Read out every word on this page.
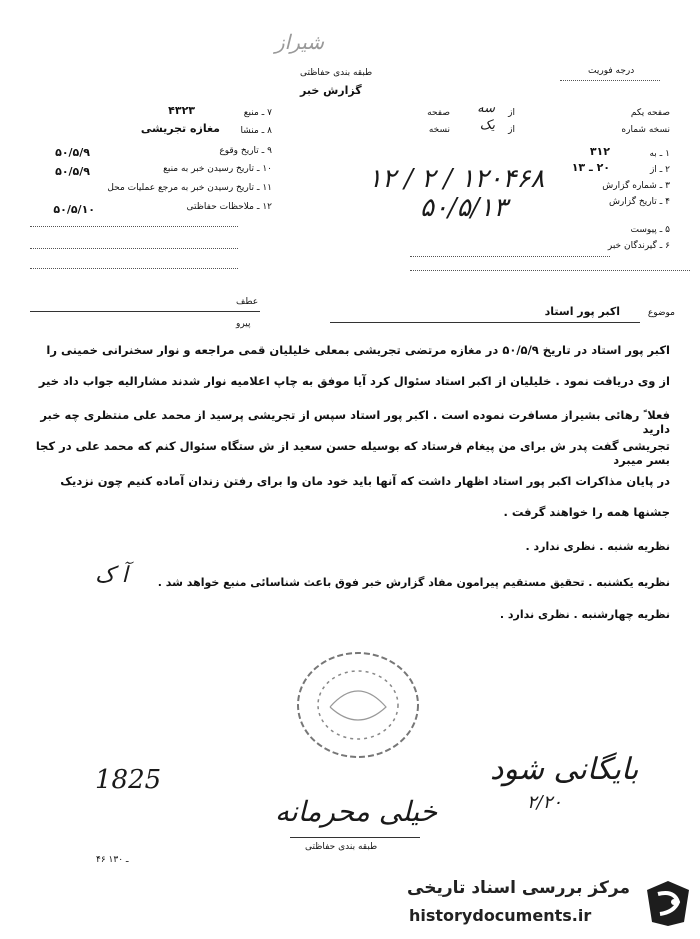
شیراز
طبقه بندی حفاظتی
گزارش خبر
درجه فوریت
صفحه یکم
از
صفحه سه
نسخه شماره
از
نسخه یک
۱ ـ به
۳۱۲
۲ ـ از
۲۰ ـ ۱۳
۳ ـ شماره گزارش
۴ ـ تاریخ گزارش
۵ ـ پیوست
۶ ـ گیرندگان خبر
۱۲۰۴۶۸ / ۲ / ۱۲
۵۰/۵/۱۳
۷ ـ منبع
۴۳۲۳
۸ ـ منشا
مغازه تجریشی
۹ ـ تاریخ وقوع
۵۰/۵/۹
۱۰ ـ تاریخ رسیدن خبر به منبع
۵۰/۵/۹
۱۱ ـ تاریخ رسیدن خبر به مرجع عملیات محل
۱۲ ـ ملاحظات حفاظتی
۵۰/۵/۱۰
عطف
پیرو
موضوع
اکبر پور استاد
اکبر پور استاد در تاریخ ۵۰/۵/۹ در مغازه مرتضی تجریشی بمعلی خلیلیان قمی مراجعه و نوار سخنرانی خمینی را
از وی دریافت نمود . خلیلیان از اکبر استاد سئوال کرد آیا موفق به چاپ اعلامیه نوار شدند مشارالیه جواب داد خیر
فعلا ً رهائی بشیراز مسافرت نموده است . اکبر پور استاد سپس از تجریشی پرسید از محمد علی منتظری چه خبر دارید
تجریشی گفت پدر ش برای من پیغام فرستاد که بوسیله حسن سعید از ش ستگاه سئوال کنم که محمد علی در کجا بسر میبرد
در پایان مذاکرات اکبر پور استاد اظهار داشت که آنها باید خود مان وا برای رفتن زندان آماده کنیم چون نزدیک
جشنها همه را خواهند گرفت .
نظریه شنبه . نظرى ندارد .
نظریه یکشنبه . تحقیق مستقیم پیرامون مفاد گزارش خبر فوق باعث شناسائی منبع خواهد شد .
آ ک
نظریه چهارشنبه . نظرى ندارد .
بایگانی شود
۲/۲۰
1825
خیلی محرمانه
طبقه بندی حفاظتی
۴۶ ـ ۱۳۰
مرکز بررسی اسناد تاریخی
historydocuments.ir
